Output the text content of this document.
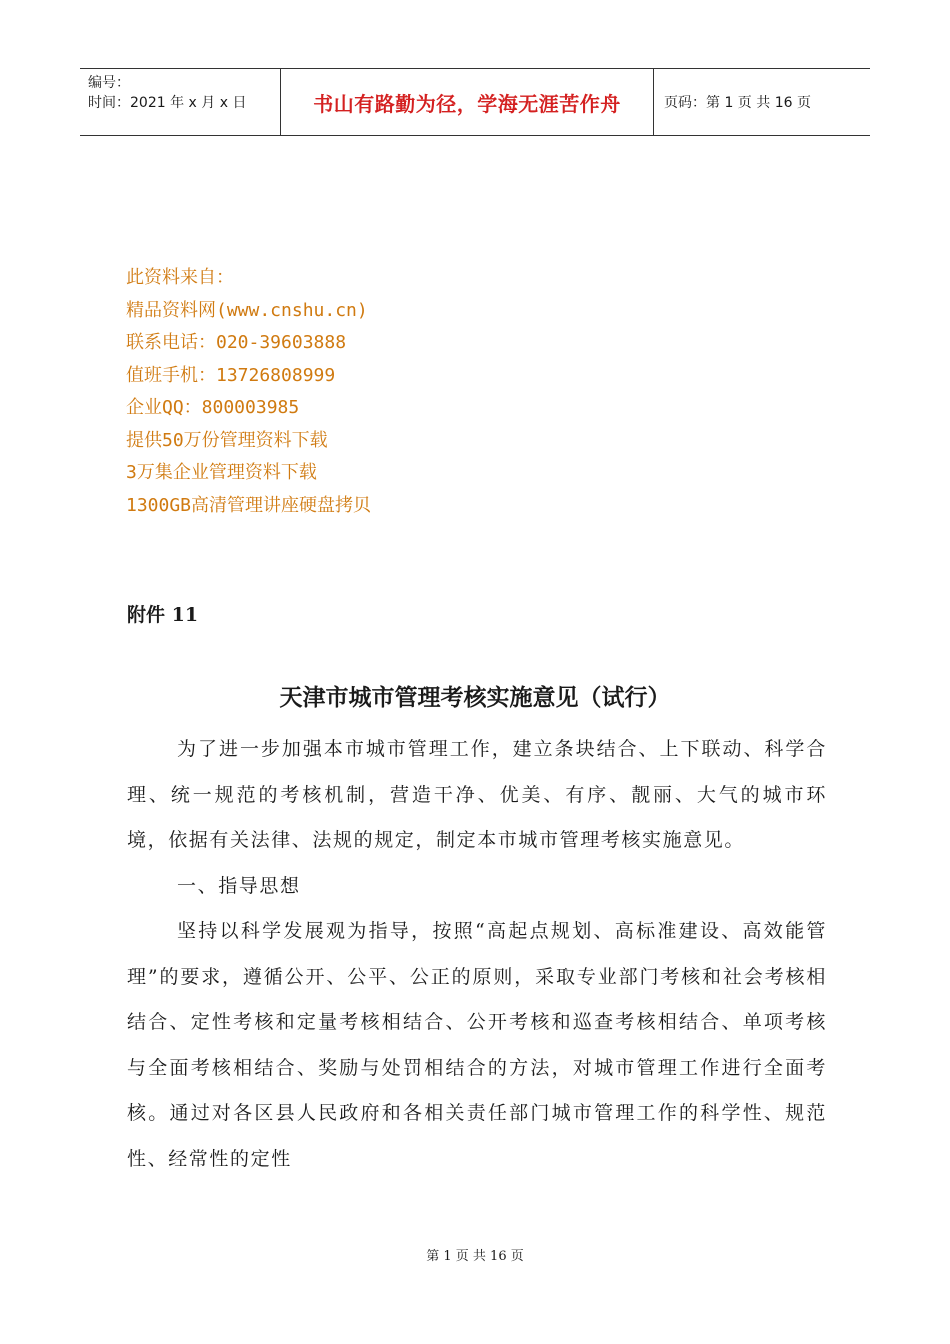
编号：
时间：2021 年 x 月 x 日	书山有路勤为径，学海无涯苦作舟	页码：第 1 页 共 16 页
此资料来自：
精品资料网(www.cnshu.cn)
联系电话：020-39603888
值班手机：13726808999
企业QQ：800003985
提供50万份管理资料下载
3万集企业管理资料下载
1300GB高清管理讲座硬盘拷贝
附件 11
天津市城市管理考核实施意见（试行）

为了进一步加强本市城市管理工作，建立条块结合、上下联动、科学合理、统一规范的考核机制，营造干净、优美、有序、靓丽、大气的城市环境，依据有关法律、法规的规定，制定本市城市管理考核实施意见。

一、指导思想

坚持以科学发展观为指导，按照“高起点规划、高标准建设、高效能管理”的要求，遵循公开、公平、公正的原则，采取专业部门考核和社会考核相结合、定性考核和定量考核相结合、公开考核和巡查考核相结合、单项考核与全面考核相结合、奖励与处罚相结合的方法，对城市管理工作进行全面考核。通过对各区县人民政府和各相关责任部门城市管理工作的科学性、规范性、经常性的定性

第 1 页 共 16 页
